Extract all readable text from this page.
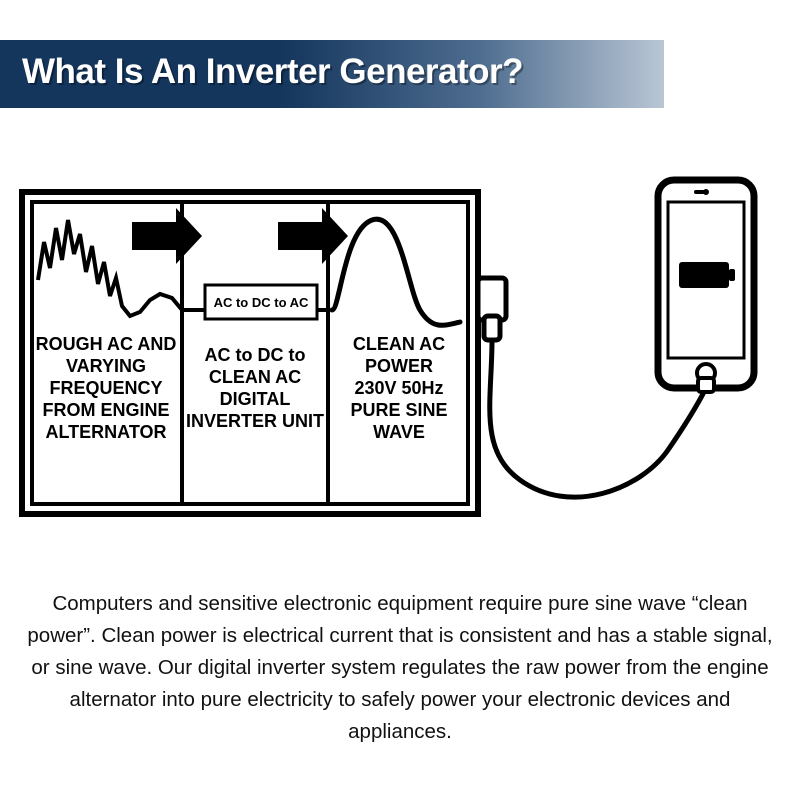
What Is An Inverter Generator?
AC to DC to AC
ROUGH AC AND
VARYING
FREQUENCY
FROM ENGINE
ALTERNATOR
AC to DC to
CLEAN AC
DIGITAL
INVERTER UNIT
CLEAN AC
POWER
230V 50Hz
PURE SINE
WAVE

Computers and sensitive electronic equipment require pure sine wave “clean power”. Clean power is electrical current that is consistent and has a stable signal, or sine wave. Our digital inverter system regulates the raw power from the engine alternator into pure electricity to safely power your electronic devices and appliances.
